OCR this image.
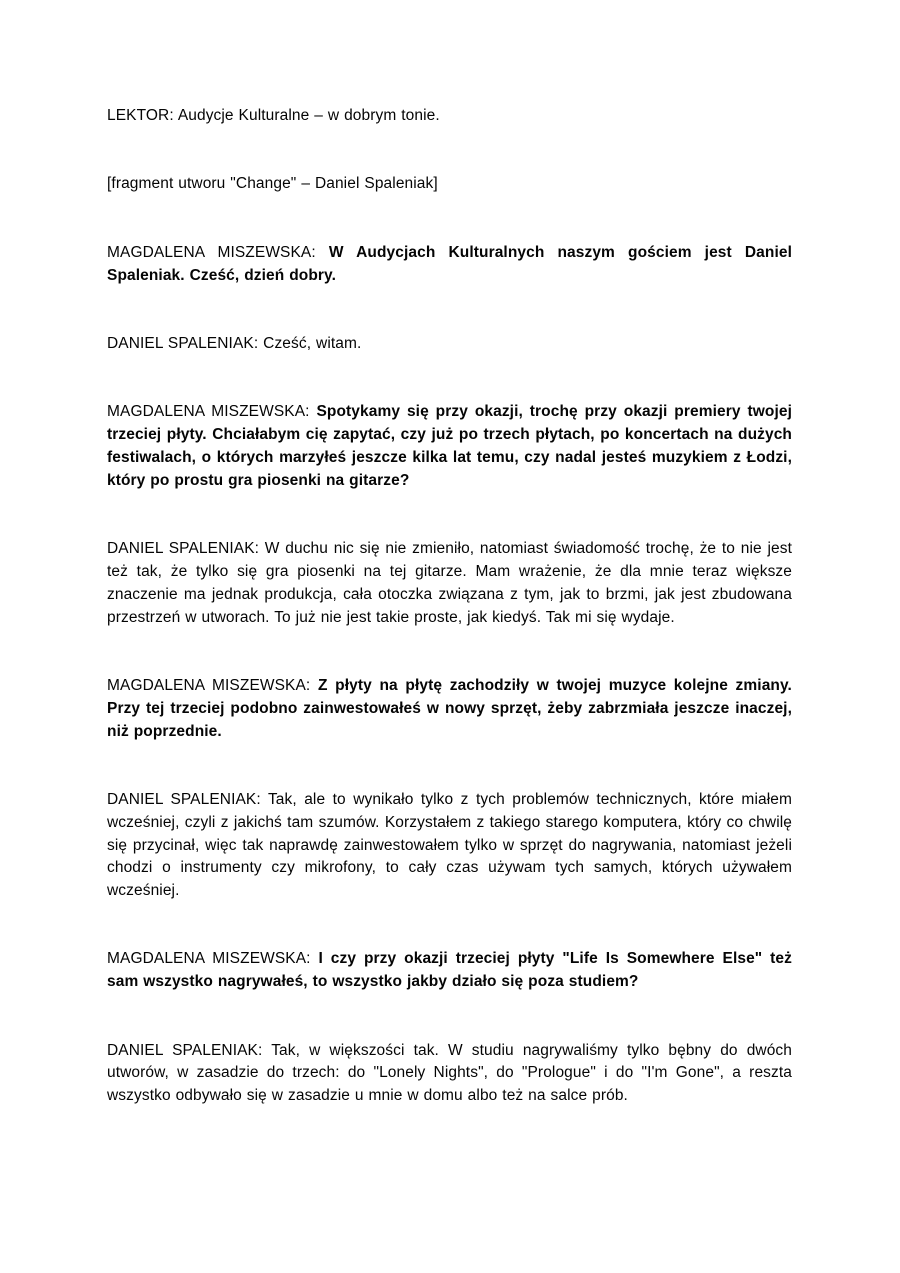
LEKTOR: Audycje Kulturalne – w dobrym tonie.

[fragment utworu "Change" – Daniel Spaleniak]

MAGDALENA MISZEWSKA: W Audycjach Kulturalnych naszym gościem jest Daniel Spaleniak. Cześć, dzień dobry.

DANIEL SPALENIAK: Cześć, witam.

MAGDALENA MISZEWSKA: Spotykamy się przy okazji, trochę przy okazji premiery twojej trzeciej płyty. Chciałabym cię zapytać, czy już po trzech płytach, po koncertach na dużych festiwalach, o których marzyłeś jeszcze kilka lat temu, czy nadal jesteś muzykiem z Łodzi, który po prostu gra piosenki na gitarze?

DANIEL SPALENIAK: W duchu nic się nie zmieniło, natomiast świadomość trochę, że to nie jest też tak, że tylko się gra piosenki na tej gitarze. Mam wrażenie, że dla mnie teraz większe znaczenie ma jednak produkcja, cała otoczka związana z tym, jak to brzmi, jak jest zbudowana przestrzeń w utworach. To już nie jest takie proste, jak kiedyś. Tak mi się wydaje.

MAGDALENA MISZEWSKA: Z płyty na płytę zachodziły w twojej muzyce kolejne zmiany. Przy tej trzeciej podobno zainwestowałeś w nowy sprzęt, żeby zabrzmiała jeszcze inaczej, niż poprzednie.

DANIEL SPALENIAK: Tak, ale to wynikało tylko z tych problemów technicznych, które miałem wcześniej, czyli z jakichś tam szumów. Korzystałem z takiego starego komputera, który co chwilę się przycinał, więc tak naprawdę zainwestowałem tylko w sprzęt do nagrywania, natomiast jeżeli chodzi o instrumenty czy mikrofony, to cały czas używam tych samych, których używałem wcześniej.

MAGDALENA MISZEWSKA: I czy przy okazji trzeciej płyty "Life Is Somewhere Else" też sam wszystko nagrywałeś, to wszystko jakby działo się poza studiem?

DANIEL SPALENIAK: Tak, w większości tak. W studiu nagrywaliśmy tylko bębny do dwóch utworów, w zasadzie do trzech: do "Lonely Nights", do "Prologue" i do "I'm Gone", a reszta wszystko odbywało się w zasadzie u mnie w domu albo też na salce prób.
